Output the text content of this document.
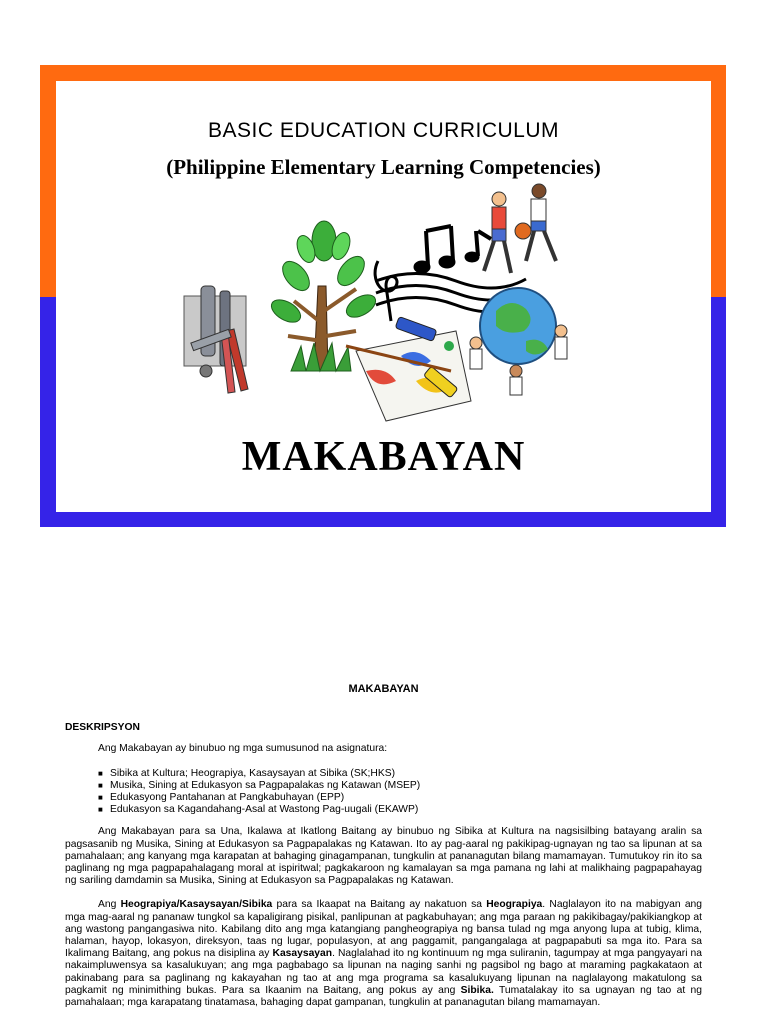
BASIC EDUCATION CURRICULUM
(Philippine Elementary Learning Competencies)
MAKABAYAN
MAKABAYAN
DESKRIPSYON
Ang Makabayan ay binubuo ng mga sumusunod na asignatura:
■ Sibika at Kultura; Heograpiya, Kasaysayan at Sibika (SK;HKS)
■ Musika, Sining at Edukasyon sa Pagpapalakas ng Katawan (MSEP)
■ Edukasyong Pantahanan at Pangkabuhayan (EPP)
■ Edukasyon sa Kagandahang-Asal at Wastong Pag-uugali (EKAWP)

Ang Makabayan para sa Una, Ikalawa at Ikatlong Baitang ay binubuo ng Sibika at Kultura na nagsisilbing batayang aralin sa pagsasanib ng Musika, Sining at Edukasyon sa Pagpapalakas ng Katawan. Ito ay pag-aaral ng pakikipag-ugnayan ng tao sa lipunan at sa pamahalaan; ang kanyang mga karapatan at bahaging ginagampanan, tungkulin at pananagutan bilang mamamayan. Tumutukoy rin ito sa paglinang ng mga pagpapahalagang moral at ispiritwal; pagkakaroon ng kamalayan sa mga pamana ng lahi at malikhaing pagpapahayag ng sariling damdamin sa Musika, Sining at Edukasyon sa Pagpapalakas ng Katawan.

Ang Heograpiya/Kasaysayan/Sibika para sa Ikaapat na Baitang ay nakatuon sa Heograpiya. Naglalayon ito na mabigyan ang mga mag-aaral ng pananaw tungkol sa kapaligirang pisikal, panlipunan at pagkabuhayan; ang mga paraan ng pakikibagay/pakikiangkop at ang wastong pangangasiwa nito. Kabilang dito ang mga katangiang pangheograpiya ng bansa tulad ng mga anyong lupa at tubig, klima, halaman, hayop, lokasyon, direksyon, taas ng lugar, populasyon, at ang paggamit, pangangalaga at pagpapabuti sa mga ito. Para sa Ikalimang Baitang, ang pokus na disiplina ay Kasaysayan. Naglalahad ito ng kontinuum ng mga suliranin, tagumpay at mga pangyayari na nakaimpluwensya sa kasalukuyan; ang mga pagbabago sa lipunan na naging sanhi ng pagsibol ng bago at maraming pagkakataon at pakinabang para sa paglinang ng kakayahan ng tao at ang mga programa sa kasalukuyang lipunan na naglalayong makatulong sa pagkamit ng minimithing bukas. Para sa Ikaanim na Baitang, ang pokus ay ang Sibika. Tumatalakay ito sa ugnayan ng tao at ng pamahalaan; mga karapatang tinatamasa, bahaging dapat gampanan, tungkulin at pananagutan bilang mamamayan.
